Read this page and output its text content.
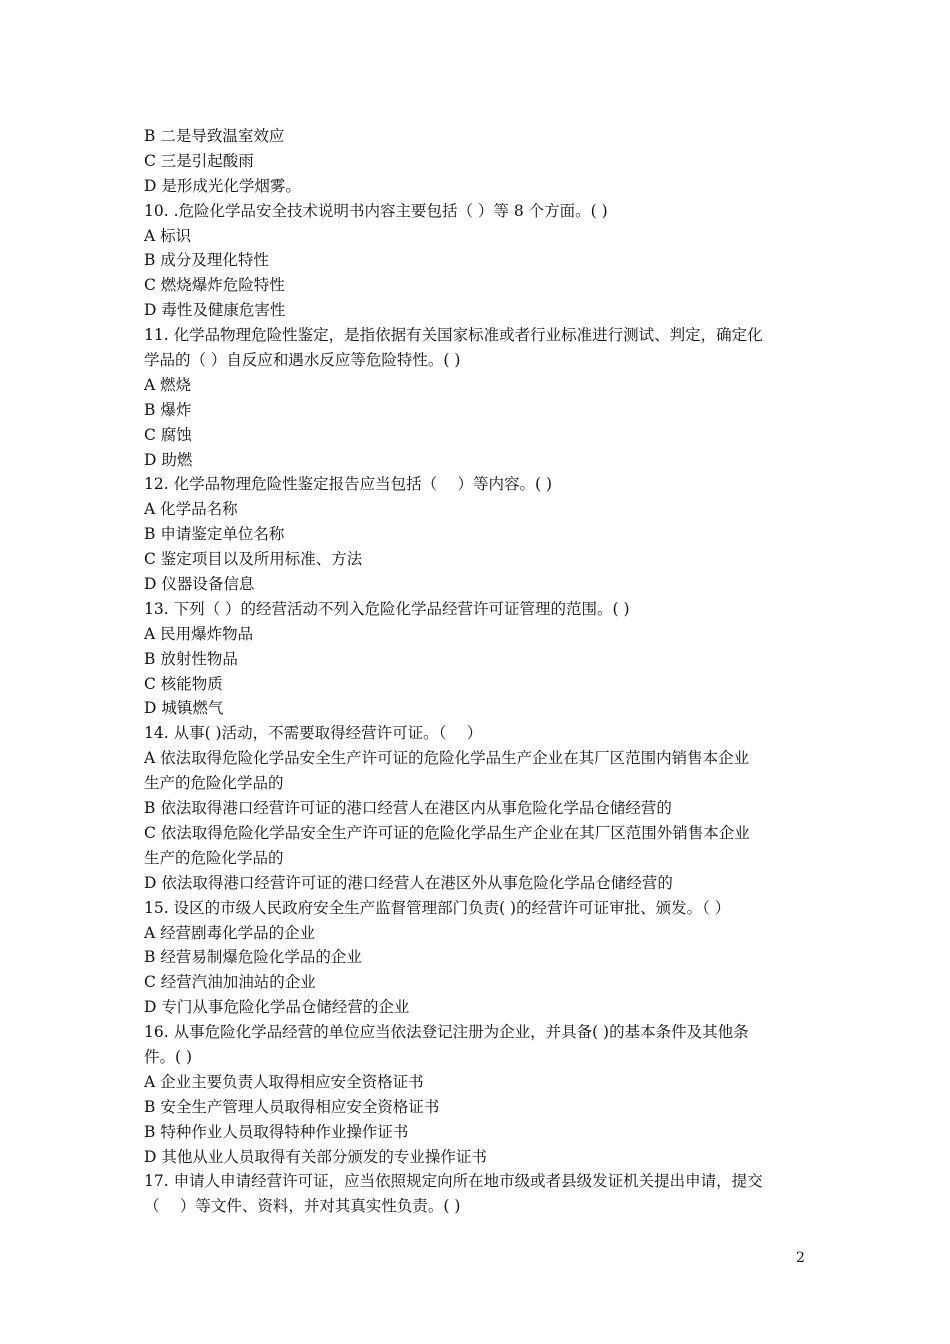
B 二是导致温室效应
C 三是引起酸雨
D 是形成光化学烟雾。
10. .危险化学品安全技术说明书内容主要包括（ ）等 8 个方面。( )
A 标识
B 成分及理化特性
C 燃烧爆炸危险特性
D 毒性及健康危害性
11. 化学品物理危险性鉴定，是指依据有关国家标准或者行业标准进行测试、判定，确定化
学品的（ ）自反应和遇水反应等危险特性。( )
A 燃烧
B 爆炸
C 腐蚀
D 助燃
12. 化学品物理危险性鉴定报告应当包括（　 ）等内容。( )
A 化学品名称
B 申请鉴定单位名称
C 鉴定项目以及所用标准、方法
D 仪器设备信息
13. 下列（ ）的经营活动不列入危险化学品经营许可证管理的范围。( )
A 民用爆炸物品
B 放射性物品
C 核能物质
D 城镇燃气
14. 从事( )活动，不需要取得经营许可证。（　 ）
A 依法取得危险化学品安全生产许可证的危险化学品生产企业在其厂区范围内销售本企业
生产的危险化学品的
B 依法取得港口经营许可证的港口经营人在港区内从事危险化学品仓储经营的
C 依法取得危险化学品安全生产许可证的危险化学品生产企业在其厂区范围外销售本企业
生产的危险化学品的
D 依法取得港口经营许可证的港口经营人在港区外从事危险化学品仓储经营的
15. 设区的市级人民政府安全生产监督管理部门负责( )的经营许可证审批、颁发。（ ）
A 经营剧毒化学品的企业
B 经营易制爆危险化学品的企业
C 经营汽油加油站的企业
D 专门从事危险化学品仓储经营的企业
16. 从事危险化学品经营的单位应当依法登记注册为企业，并具备( )的基本条件及其他条
件。( )
A 企业主要负责人取得相应安全资格证书
B 安全生产管理人员取得相应安全资格证书
B 特种作业人员取得特种作业操作证书
D 其他从业人员取得有关部分颁发的专业操作证书
17. 申请人申请经营许可证，应当依照规定向所在地市级或者县级发证机关提出申请，提交
（　 ）等文件、资料，并对其真实性负责。( )
2
